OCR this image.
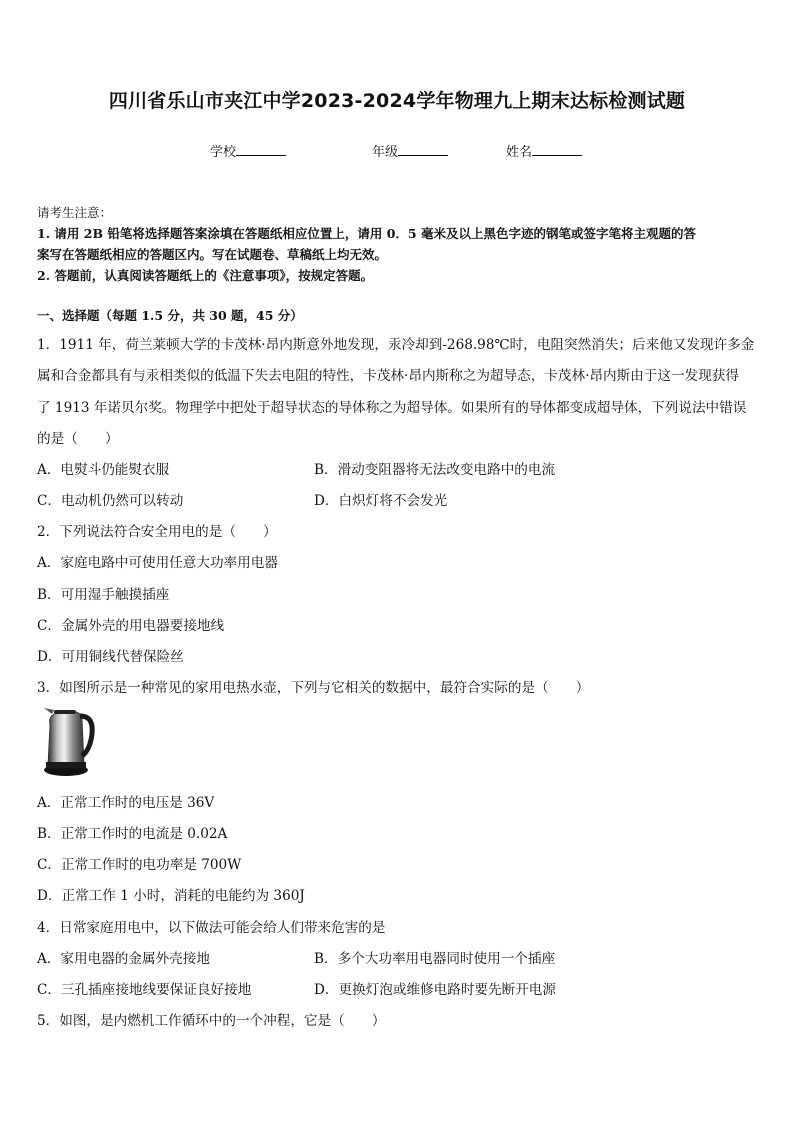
四川省乐山市夹江中学2023-2024学年物理九上期末达标检测试题
学校	年级	姓名
请考生注意：
1. 请用 2B 铅笔将选择题答案涂填在答题纸相应位置上，请用 0．5 毫米及以上黑色字迹的钢笔或签字笔将主观题的答
案写在答题纸相应的答题区内。写在试题卷、草稿纸上均无效。
2. 答题前，认真阅读答题纸上的《注意事项》，按规定答题。
一、选择题（每题 1.5 分，共 30 题，45 分）
1．1911 年，荷兰莱顿大学的卡茂林·昂内斯意外地发现，汞冷却到-268.98℃时，电阻突然消失；后来他又发现许多金
属和合金都具有与汞相类似的低温下失去电阻的特性，卡茂林·昂内斯称之为超导态，卡茂林·昂内斯由于这一发现获得
了 1913 年诺贝尔奖。物理学中把处于超导状态的导体称之为超导体。如果所有的导体都变成超导体，下列说法中错误
的是（　　）
A．电熨斗仍能熨衣服	B．滑动变阻器将无法改变电路中的电流
C．电动机仍然可以转动	D．白炽灯将不会发光
2．下列说法符合安全用电的是（　　）
A．家庭电路中可使用任意大功率用电器
B．可用湿手触摸插座
C．金属外壳的用电器要接地线
D．可用铜线代替保险丝
3．如图所示是一种常见的家用电热水壶，下列与它相关的数据中，最符合实际的是（　　）
A．正常工作时的电压是 36V
B．正常工作时的电流是 0.02A
C．正常工作时的电功率是 700W
D．正常工作 1 小时，消耗的电能约为 360J
4．日常家庭用电中，以下做法可能会给人们带来危害的是
A．家用电器的金属外壳接地	B．多个大功率用电器同时使用一个插座
C．三孔插座接地线要保证良好接地	D．更换灯泡或维修电路时要先断开电源
5．如图，是内燃机工作循环中的一个冲程，它是（　　）
